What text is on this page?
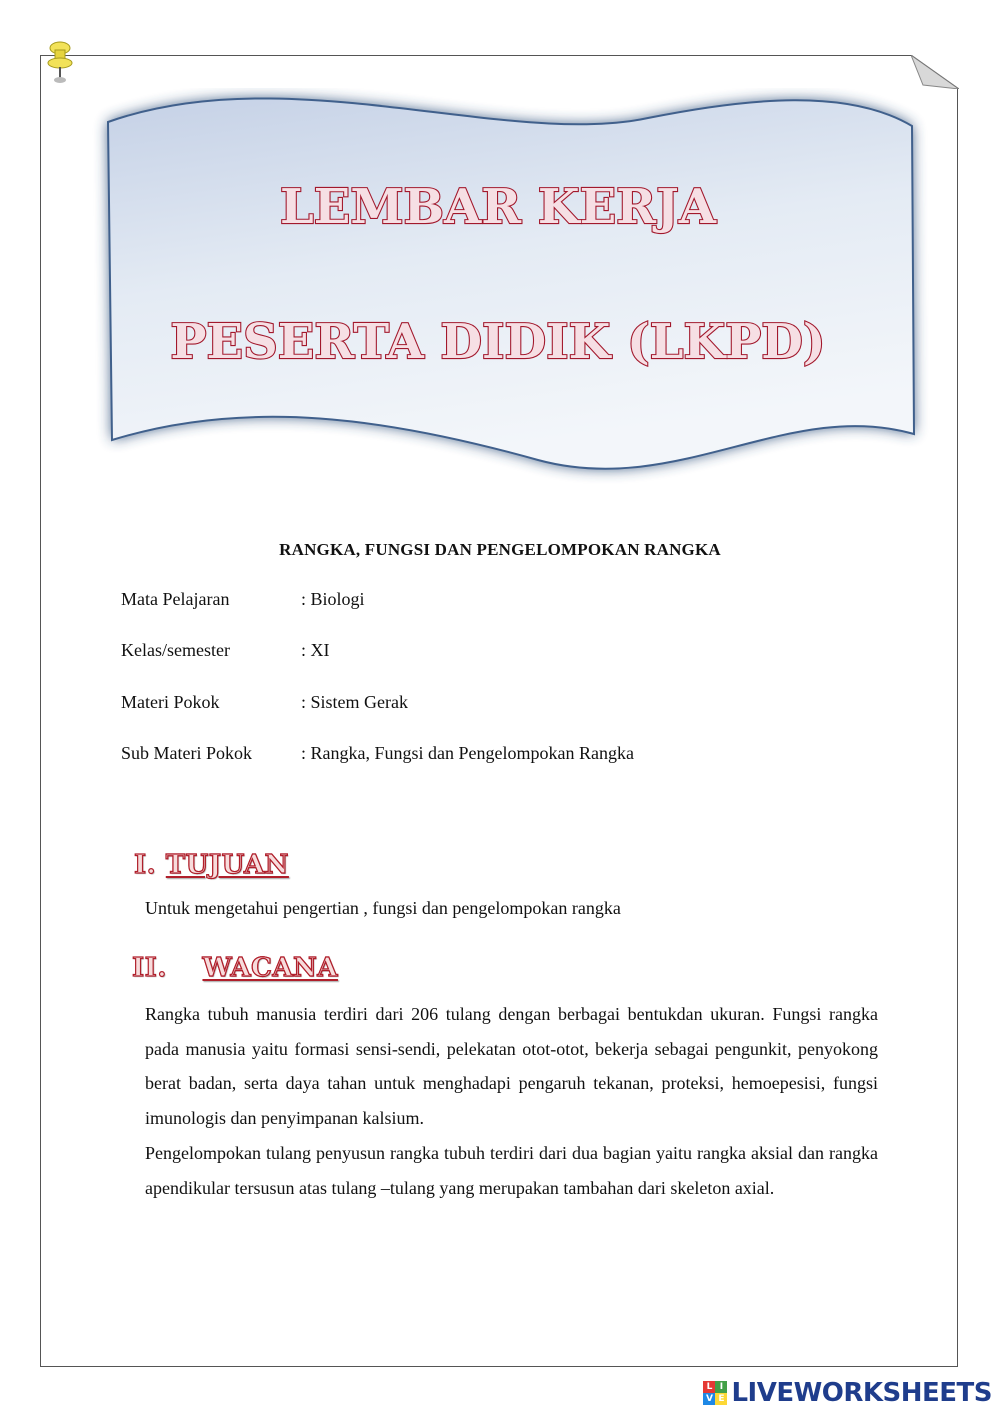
LEMBAR KERJA
PESERTA DIDIK (LKPD)
RANGKA, FUNGSI DAN PENGELOMPOKAN RANGKA
Mata Pelajaran	: Biologi
Kelas/semester	: XI
Materi Pokok	: Sistem Gerak
Sub Materi Pokok	: Rangka, Fungsi dan Pengelompokan Rangka
I. TUJUAN
Untuk mengetahui pengertian , fungsi dan pengelompokan rangka
II. WACANA
Rangka tubuh manusia terdiri dari 206 tulang dengan berbagai bentukdan ukuran. Fungsi rangka pada manusia yaitu formasi sensi-sendi, pelekatan otot-otot, bekerja sebagai pengunkit, penyokong berat badan, serta daya tahan untuk menghadapi pengaruh tekanan, proteksi, hemoepesisi, fungsi imunologis dan penyimpanan kalsium.
Pengelompokan tulang penyusun rangka tubuh terdiri dari dua bagian yaitu rangka aksial dan rangka apendikular tersusun atas tulang –tulang yang merupakan tambahan dari skeleton axial.
L I
V E LIVEWORKSHEETS
